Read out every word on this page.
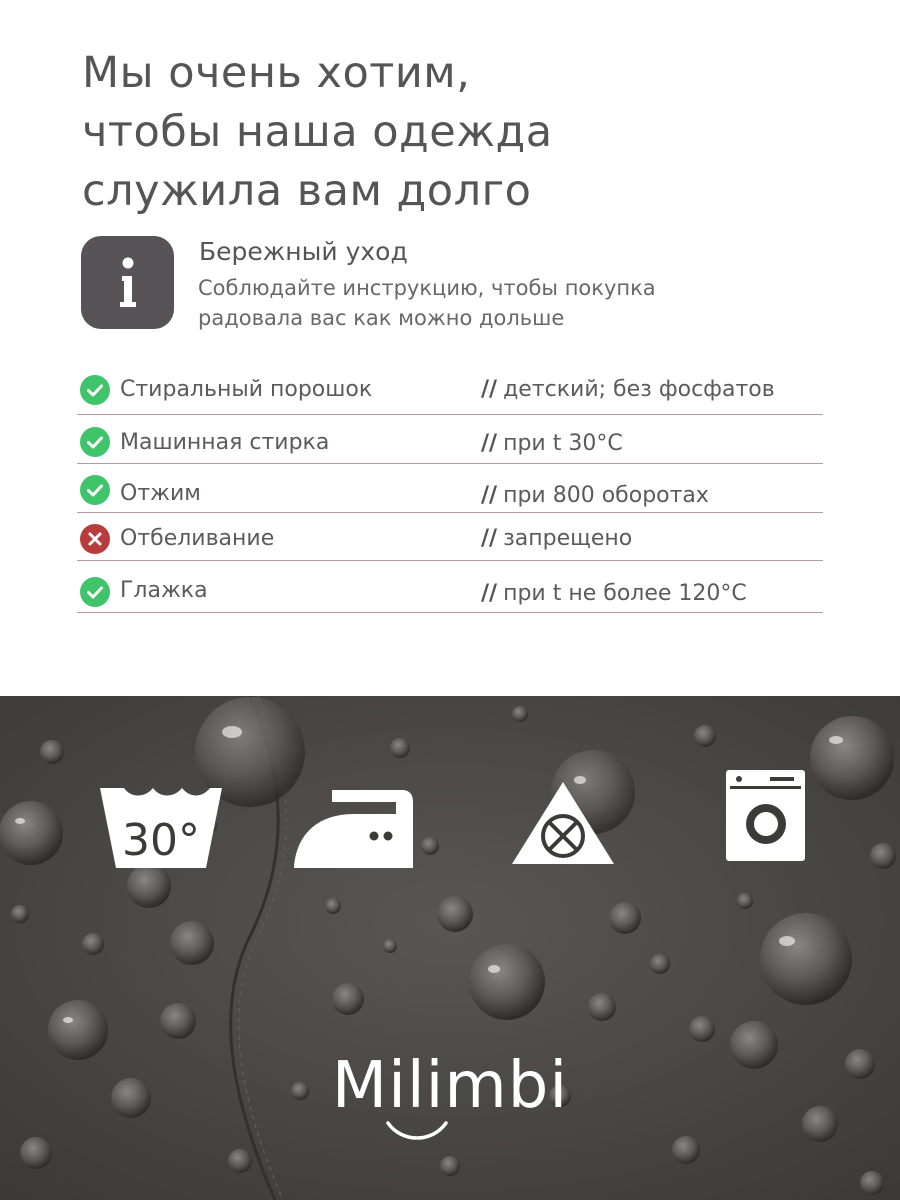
Мы очень хотим,
чтобы наша одежда
служила вам долго
Бережный уход
Соблюдайте инструкцию, чтобы покупка
радовала вас как можно дольше
Стиральный порошок	// детский; без фосфатов
Машинная стирка	// при t 30°C
Отжим	// при 800 оборотах
Отбеливание	// запрещено
Глажка	// при t не более 120°C
30°
Milimbi
